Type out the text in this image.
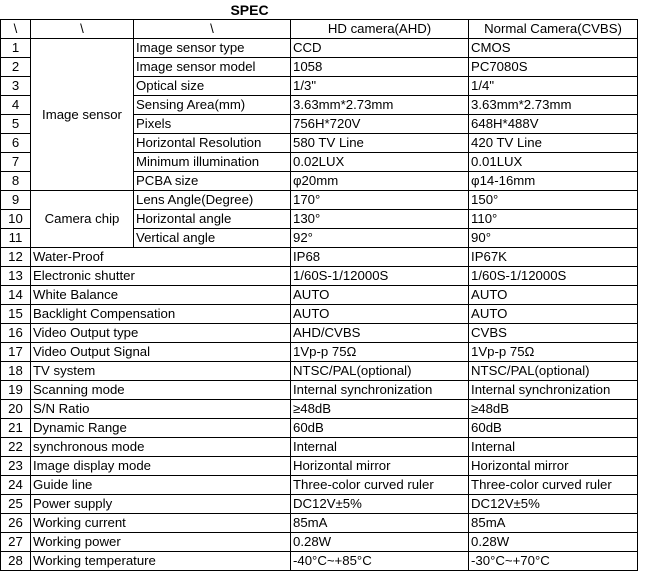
	SPEC			
\	\	\	HD camera(AHD)	Normal Camera(CVBS)
1	Image sensor	Image sensor type	CCD	CMOS
2		Image sensor model	1058	PC7080S
3		Optical size	1/3"	1/4"
4		Sensing Area(mm)	3.63mm*2.73mm	3.63mm*2.73mm
5		Pixels	756H*720V	648H*488V
6		Horizontal Resolution	580 TV Line	420 TV Line
7		Minimum illumination	0.02LUX	0.01LUX
8		PCBA size	φ20mm	φ14-16mm
9	Camera chip	Lens Angle(Degree)	170°	150°
10		Horizontal angle	130°	110°
11		Vertical angle	92°	90°
12	Water-Proof		IP68	IP67K
13	Electronic shutter		1/60S-1/12000S	1/60S-1/12000S
14	White Balance		AUTO	AUTO
15	Backlight Compensation		AUTO	AUTO
16	Video Output type		AHD/CVBS	CVBS
17	Video Output Signal		1Vp-p 75Ω	1Vp-p 75Ω
18	TV system		NTSC/PAL(optional)	NTSC/PAL(optional)
19	Scanning mode		Internal synchronization	Internal synchronization
20	S/N Ratio		≥48dB	≥48dB
21	Dynamic Range		60dB	60dB
22	synchronous mode		Internal	Internal
23	Image display mode		Horizontal mirror	Horizontal mirror
24	Guide line		Three-color curved ruler	Three-color curved ruler
25	Power supply		DC12V±5%	DC12V±5%
26	Working current		85mA	85mA
27	Working power		0.28W	0.28W
28	Working temperature		-40°C~+85°C	-30°C~+70°C
